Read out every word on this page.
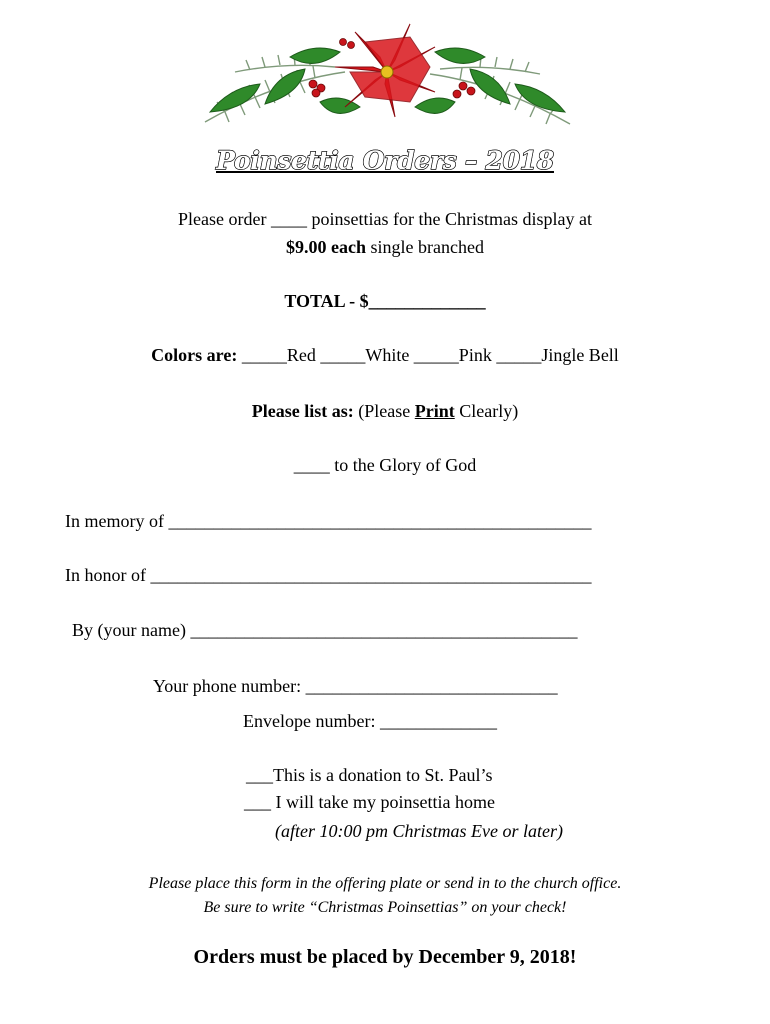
Poinsettia Orders – 2018
Please order ____ poinsettias for the Christmas display at
$9.00 each single branched
TOTAL - $_____________
Colors are: _____Red _____White _____Pink _____Jingle Bell
Please list as: (Please Print Clearly)
____ to the Glory of God
In memory of _______________________________________________
In honor of _________________________________________________
By (your name) ___________________________________________
Your phone number: ____________________________
Envelope number: _____________
___This is a donation to St. Paul’s
___ I will take my poinsettia home
(after 10:00 pm Christmas Eve or later)
Please place this form in the offering plate or send in to the church office.
Be sure to write “Christmas Poinsettias” on your check!
Orders must be placed by December 9, 2018!
